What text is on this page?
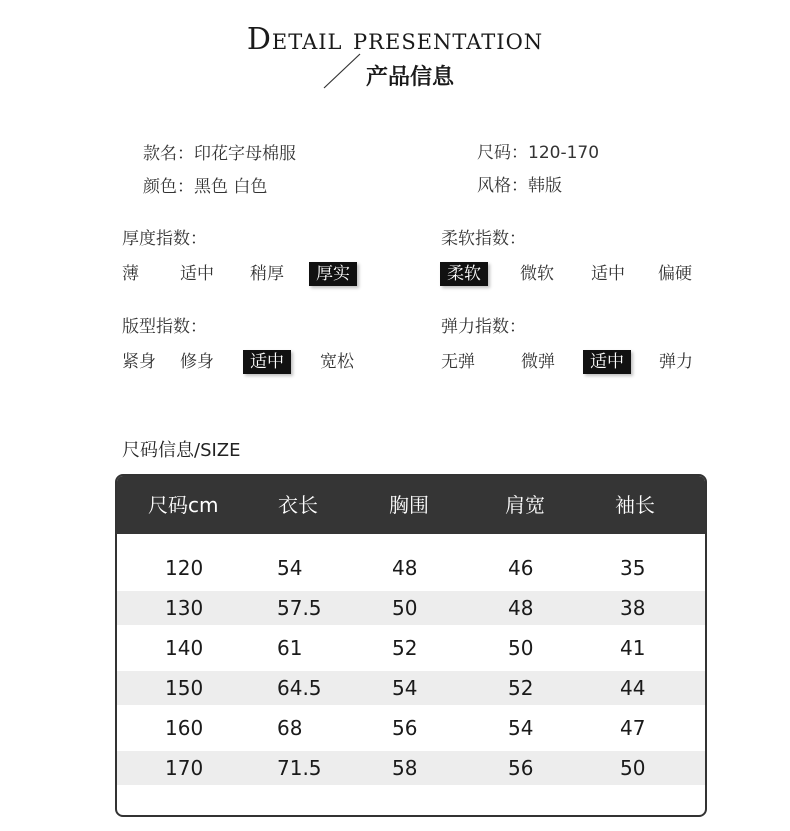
Detail presentation
产品信息
款名：印花字母棉服	尺码：120-170
颜色：黑色 白色	风格：韩版
厚度指数：	柔软指数：
薄 适中 稍厚	厚实	柔软	微软 适中 偏硬
版型指数：	弹力指数：
紧身 修身	适中	宽松	无弹	微弹	适中	弹力
尺码信息/SIZE
尺码cm	衣长	胸围	肩宽	袖长
120	54	48	46	35
130	57.5	50	48	38
140	61	52	50	41
150	64.5	54	52	44
160	68	56	54	47
170	71.5	58	56	50
